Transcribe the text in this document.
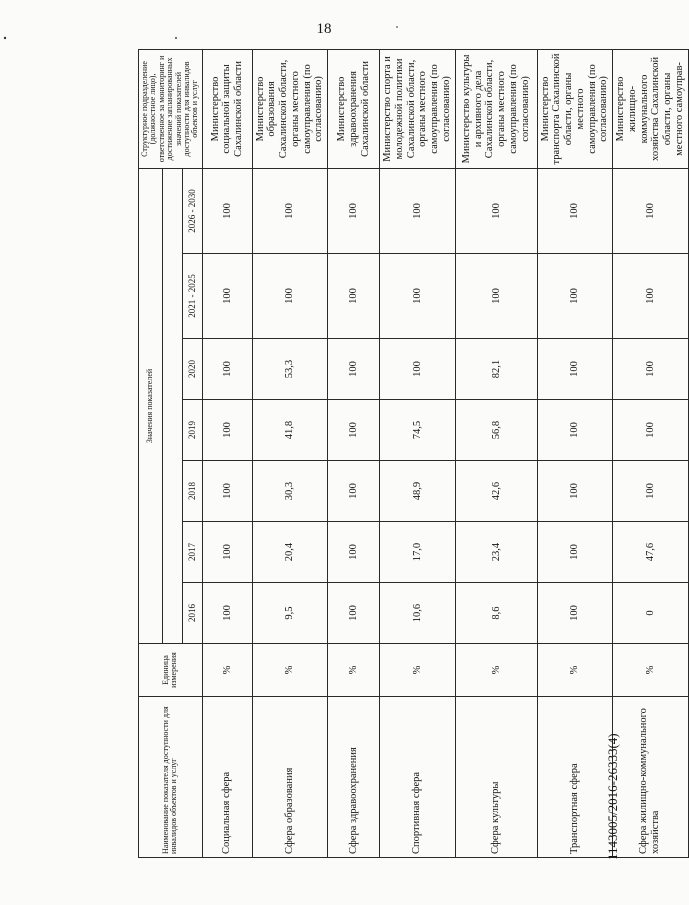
18
Наименование показателя доступности для инвалидов объектов и услуг	Единица измерения	Значения показателей							Структурное подразделение (должностное лицо), ответственное за мониторинг и достижение запланированных значений показателей доступности для инвалидов объектов и услуг

		2016	2017	2018	2019	2020	2021 - 2025	2026 - 2030	
Социальная сфера	%	100	100	100	100	100	100	100	Министерство социальной защиты Сахалинской области
Сфера образования	%	9,5	20,4	30,3	41,8	53,3	100	100	Министерство образования Сахалинской области, органы местного самоуправления (по согласованию)
Сфера здравоохранения	%	100	100	100	100	100	100	100	Министерство здравоохранения Сахалинской области
Спортивная сфера	%	10,6	17,0	48,9	74,5	100	100	100	Министерство спорта и молодежной политики Сахалинской области, органы местного самоуправления (по согласованию)
Сфера культуры	%	8,6	23,4	42,6	56,8	82,1	100	100	Министерство культуры и архивного дела Сахалинской области, органы местного самоуправления (по согласованию)
Транспортная сфера	%	100	100	100	100	100	100	100	Министерство транспорта Сахалинской области, органы местного самоуправления (по согласованию)
Сфера жилищно-коммунального хозяйства	%	0	47,6	100	100	100	100	100	Министерство жилищно-коммунального хозяйства Сахалинской области, органы местного самоуправ-
1143005/2016-26333(4)
